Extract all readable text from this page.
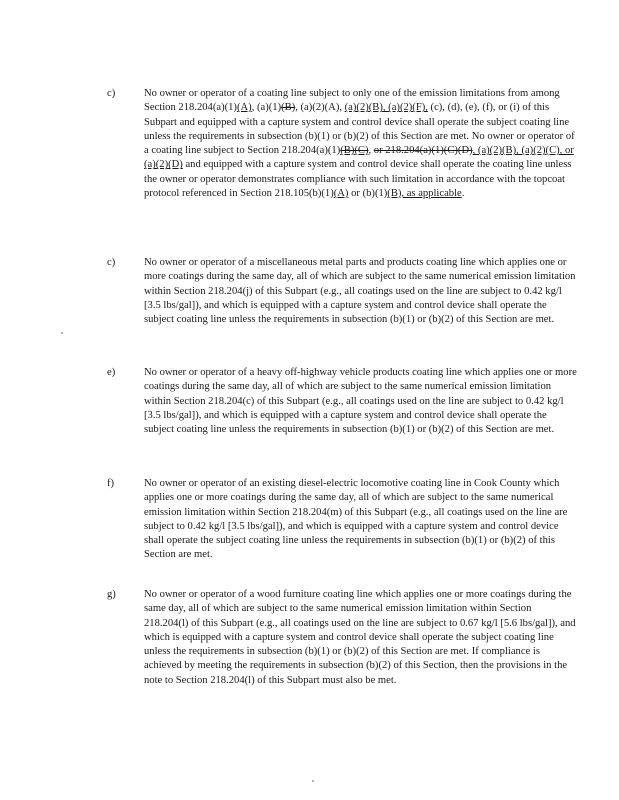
c)	No owner or operator of a coating line subject to only one of the emission limitations from among Section 218.204(a)(1)(A), (a)(1)(B), (a)(2)(A), (a)(2)(B), (a)(2)(F), (c), (d), (e), (f), or (i) of this Subpart and equipped with a capture system and control device shall operate the subject coating line unless the requirements in subsection (b)(1) or (b)(2) of this Section are met. No owner or operator of a coating line subject to Section 218.204(a)(1)(B)(C), or 218.204(a)(1)(C)(D), (a)(2)(B), (a)(2)(C), or (a)(2)(D) and equipped with a capture system and control device shall operate the coating line unless the owner or operator demonstrates compliance with such limitation in accordance with the topcoat protocol referenced in Section 218.105(b)(1)(A) or (b)(1)(B), as applicable.
c)	No owner or operator of a miscellaneous metal parts and products coating line which applies one or more coatings during the same day, all of which are subject to the same numerical emission limitation within Section 218.204(j) of this Subpart (e.g., all coatings used on the line are subject to 0.42 kg/l [3.5 lbs/gal]), and which is equipped with a capture system and control device shall operate the subject coating line unless the requirements in subsection (b)(1) or (b)(2) of this Section are met.
e)	No owner or operator of a heavy off-highway vehicle products coating line which applies one or more coatings during the same day, all of which are subject to the same numerical emission limitation within Section 218.204(c) of this Subpart (e.g., all coatings used on the line are subject to 0.42 kg/l [3.5 lbs/gal]), and which is equipped with a capture system and control device shall operate the subject coating line unless the requirements in subsection (b)(1) or (b)(2) of this Section are met.
f)	No owner or operator of an existing diesel-electric locomotive coating line in Cook County which applies one or more coatings during the same day, all of which are subject to the same numerical emission limitation within Section 218.204(m) of this Subpart (e.g., all coatings used on the line are subject to 0.42 kg/l [3.5 lbs/gal]), and which is equipped with a capture system and control device shall operate the subject coating line unless the requirements in subsection (b)(1) or (b)(2) of this Section are met.
g)	No owner or operator of a wood furniture coating line which applies one or more coatings during the same day, all of which are subject to the same numerical emission limitation within Section 218.204(l) of this Subpart (e.g., all coatings used on the line are subject to 0.67 kg/l [5.6 lbs/gal]), and which is equipped with a capture system and control device shall operate the subject coating line unless the requirements in subsection (b)(1) or (b)(2) of this Section are met. If compliance is achieved by meeting the requirements in subsection (b)(2) of this Section, then the provisions in the note to Section 218.204(l) of this Subpart must also be met.
